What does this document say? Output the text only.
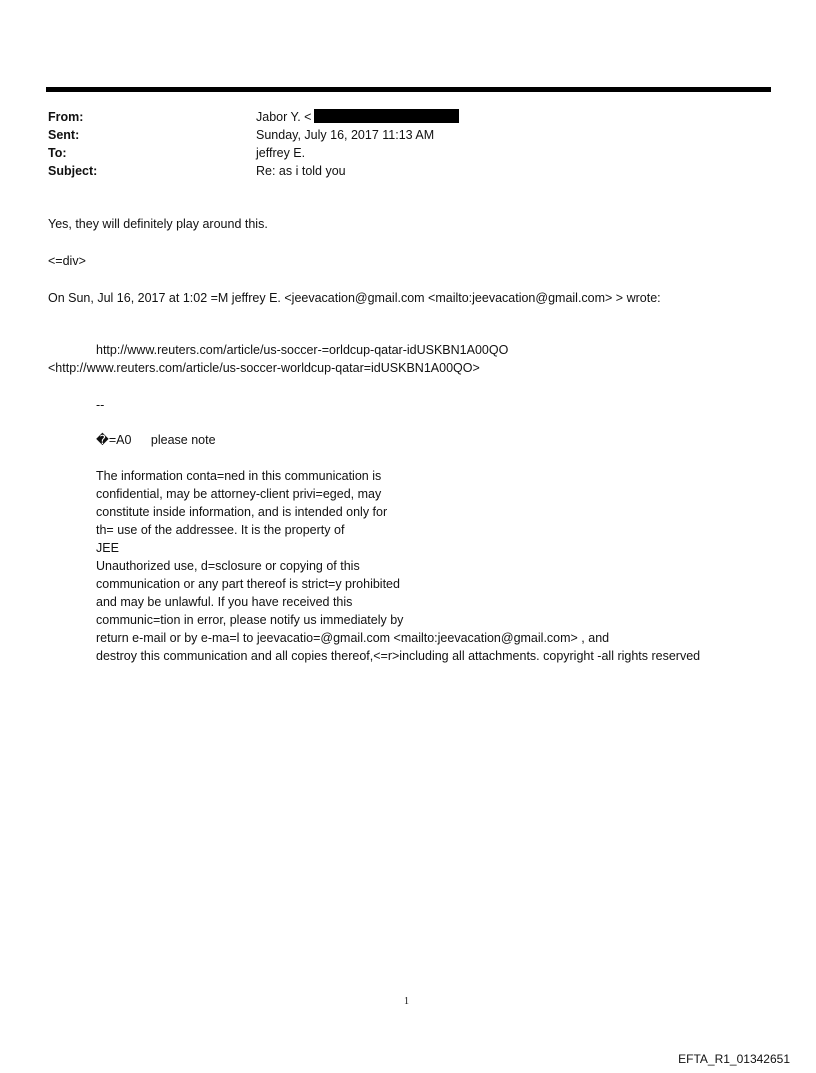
From:	Jabor Y. <
Sent:	Sunday, July 16, 2017 11:13 AM
To:	jeffrey E.
Subject:	Re: as i told you
Yes, they will definitely play around this.
<=div>
On Sun, Jul 16, 2017 at 1:02 =M jeffrey E. <jeevacation@gmail.com <mailto:jeevacation@gmail.com> > wrote:
http://www.reuters.com/article/us-soccer-=orldcup-qatar-idUSKBN1A00QO
<http://www.reuters.com/article/us-soccer-worldcup-qatar=idUSKBN1A00QO>
--
�=A0 please note
The information conta=ned in this communication is
confidential, may be attorney-client privi=eged, may
constitute inside information, and is intended only for
th= use of the addressee. It is the property of
JEE
Unauthorized use, d=sclosure or copying of this
communication or any part thereof is strict=y prohibited
and may be unlawful. If you have received this
communic=tion in error, please notify us immediately by
return e-mail or by e-ma=l to jeevacatio=@gmail.com <mailto:jeevacation@gmail.com> , and
destroy this communication and all copies thereof,<=r>including all attachments. copyright -all rights reserved
1
EFTA_R1_01342651
